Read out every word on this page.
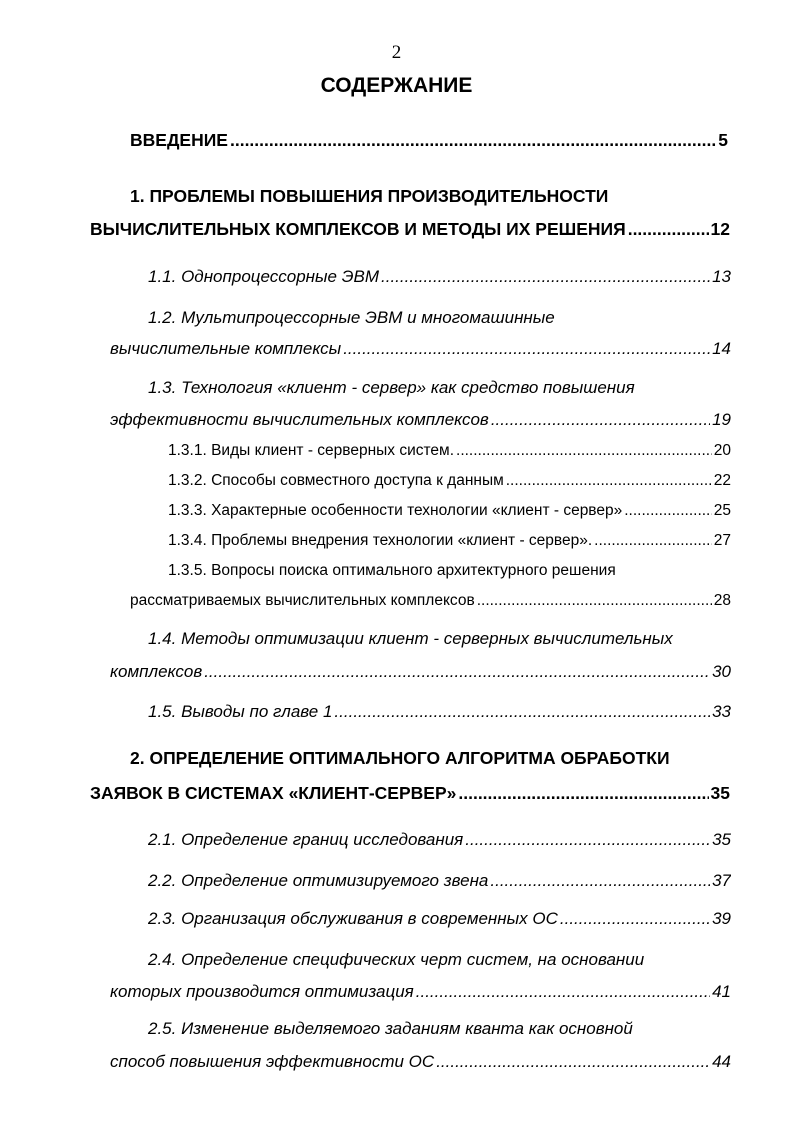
2
СОДЕРЖАНИЕ
ВВЕДЕНИЕ .....	5
1. ПРОБЛЕМЫ ПОВЫШЕНИЯ ПРОИЗВОДИТЕЛЬНОСТИ
ВЫЧИСЛИТЕЛЬНЫХ КОМПЛЕКСОВ И МЕТОДЫ ИХ РЕШЕНИЯ .....	12
1.1. Однопроцессорные ЭВМ .....	13
1.2. Мультипроцессорные ЭВМ и многомашинные
вычислительные комплексы .....	14
1.3. Технология «клиент - сервер» как средство повышения
эффективности вычислительных комплексов .....	19
1.3.1. Виды клиент - серверных систем. .....	20
1.3.2. Способы совместного доступа к данным .....	22
1.3.3. Характерные особенности технологии «клиент - сервер» .....	25
1.3.4. Проблемы внедрения технологии «клиент - сервер». .....	27
1.3.5. Вопросы поиска оптимального архитектурного решения
рассматриваемых вычислительных комплексов .....	28
1.4. Методы оптимизации клиент - серверных вычислительных
комплексов .....	30
1.5. Выводы по главе 1 .....	33
2. ОПРЕДЕЛЕНИЕ ОПТИМАЛЬНОГО АЛГОРИТМА ОБРАБОТКИ
ЗАЯВОК В СИСТЕМАХ «КЛИЕНТ-СЕРВЕР» .....	35
2.1. Определение границ исследования .....	35
2.2. Определение оптимизируемого звена .....	37
2.3. Организация обслуживания в современных ОС .....	39
2.4. Определение специфических черт систем, на основании
которых производится оптимизация .....	41
2.5. Изменение выделяемого заданиям кванта как основной
способ повышения эффективности ОС .....	44
